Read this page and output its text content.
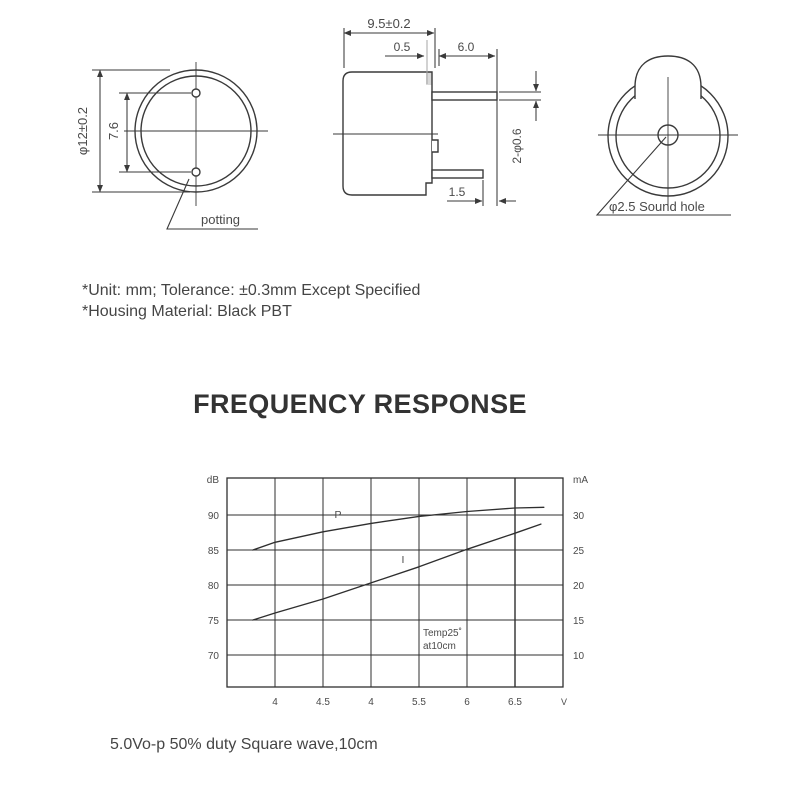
φ12±0.2 7.6
potting
9.5±0.2
0.5	6.0
2-φ0.6
1.5
φ2.5 Sound hole
*Unit: mm; Tolerance: ±0.3mm Except Specified
*Housing Material: Black PBT
FREQUENCY RESPONSE
dB	mA
90
85
80
75
70
30
25
20
15
10
4	4.5	4	5.5	6	6.5	V
P
I
Temp25˚
at10cm
5.0Vo-p 50% duty Square wave,10cm
